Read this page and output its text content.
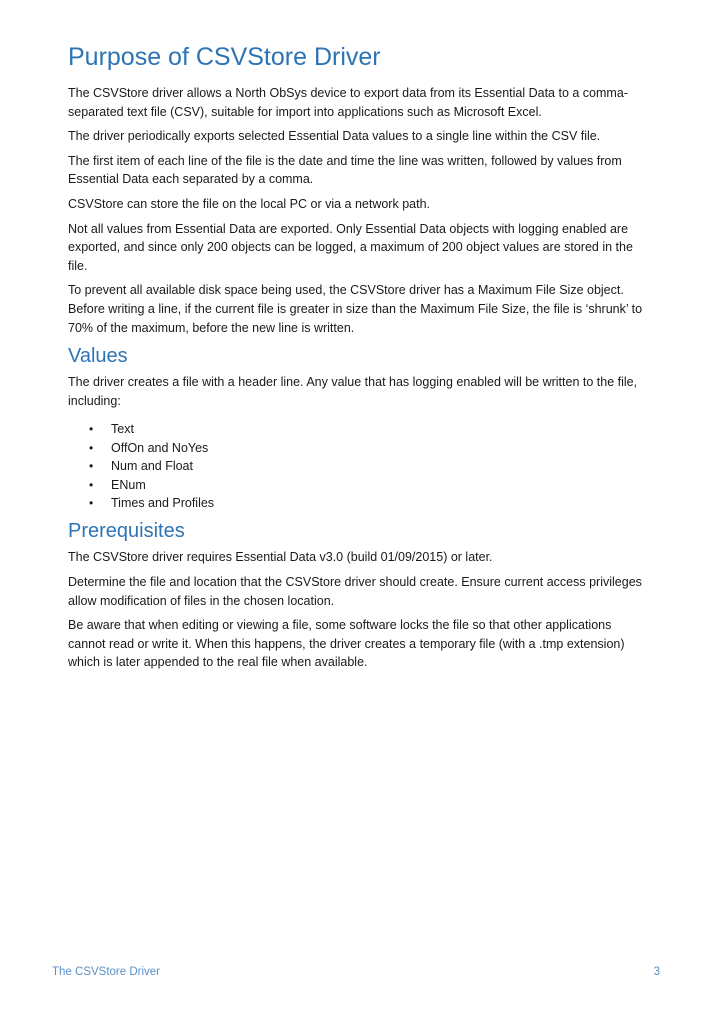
Purpose of CSVStore Driver

The CSVStore driver allows a North ObSys device to export data from its Essential Data to a comma-separated text file (CSV), suitable for import into applications such as Microsoft Excel.

The driver periodically exports selected Essential Data values to a single line within the CSV file.

The first item of each line of the file is the date and time the line was written, followed by values from Essential Data each separated by a comma.

CSVStore can store the file on the local PC or via a network path.

Not all values from Essential Data are exported. Only Essential Data objects with logging enabled are exported, and since only 200 objects can be logged, a maximum of 200 object values are stored in the file.

To prevent all available disk space being used, the CSVStore driver has a Maximum File Size object. Before writing a line, if the current file is greater in size than the Maximum File Size, the file is ‘shrunk’ to 70% of the maximum, before the new line is written.

Values

The driver creates a file with a header line. Any value that has logging enabled will be written to the file, including:

• Text
• OffOn and NoYes
• Num and Float
• ENum
• Times and Profiles
Prerequisites

The CSVStore driver requires Essential Data v3.0 (build 01/09/2015) or later.

Determine the file and location that the CSVStore driver should create. Ensure current access privileges allow modification of files in the chosen location.

Be aware that when editing or viewing a file, some software locks the file so that other applications cannot read or write it. When this happens, the driver creates a temporary file (with a .tmp extension) which is later appended to the real file when available.

The CSVStore Driver	3
